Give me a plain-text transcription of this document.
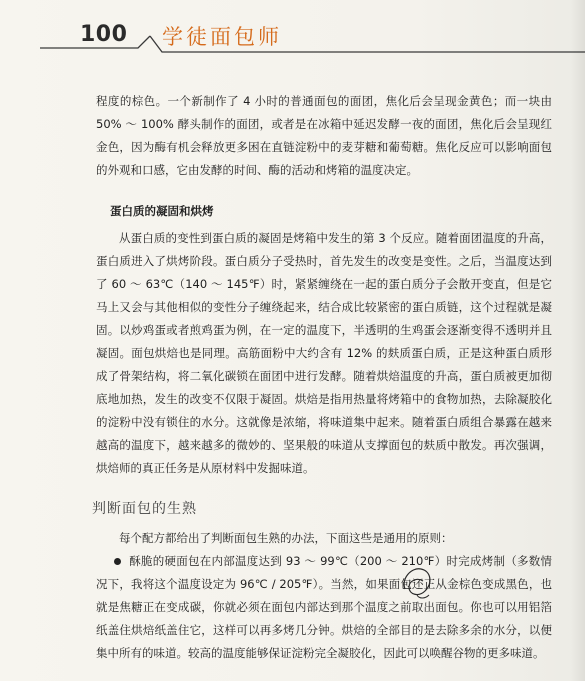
100 学徒面包师

程度的棕色。一个新制作了 4 小时的普通面包的面团，焦化后会呈现金黄色；而一块由 50% ～ 100% 酵头制作的面团，或者是在冰箱中延迟发酵一夜的面团，焦化后会呈现红金色，因为酶有机会释放更多困在直链淀粉中的麦芽糖和葡萄糖。焦化反应可以影响面包的外观和口感，它由发酵的时间、酶的活动和烤箱的温度决定。

蛋白质的凝固和烘烤

从蛋白质的变性到蛋白质的凝固是烤箱中发生的第 3 个反应。随着面团温度的升高，蛋白质进入了烘烤阶段。蛋白质分子受热时，首先发生的改变是变性。之后，当温度达到了 60 ～ 63℃（140 ～ 145℉）时，紧紧缠绕在一起的蛋白质分子会散开变直，但是它马上又会与其他相似的变性分子缠绕起来，结合成比较紧密的蛋白质链，这个过程就是凝固。以炒鸡蛋或者煎鸡蛋为例，在一定的温度下，半透明的生鸡蛋会逐渐变得不透明并且凝固。面包烘焙也是同理。高筋面粉中大约含有 12% 的麸质蛋白质，正是这种蛋白质形成了骨架结构，将二氧化碳锁在面团中进行发酵。随着烘焙温度的升高，蛋白质被更加彻底地加热，发生的改变不仅限于凝固。烘焙是指用热量将烤箱中的食物加热，去除凝胶化的淀粉中没有锁住的水分。这就像是浓缩，将味道集中起来。随着蛋白质组合暴露在越来越高的温度下，越来越多的微妙的、坚果般的味道从支撑面包的麸质中散发。再次强调，烘焙师的真正任务是从原材料中发掘味道。

判断面包的生熟

每个配方都给出了判断面包生熟的办法，下面这些是通用的原则：

酥脆的硬面包在内部温度达到 93 ～ 99℃（200 ～ 210℉）时完成烤制（多数情况下，我将这个温度设定为 96℃ / 205℉）。当然，如果面包还正从金棕色变成黑色，也就是焦糖正在变成碳，你就必须在面包内部达到那个温度之前取出面包。你也可以用铝箔纸盖住烘焙纸盖住它，这样可以再多烤几分钟。烘焙的全部目的是去除多余的水分，以便集中所有的味道。较高的温度能够保证淀粉完全凝胶化，因此可以唤醒谷物的更多味道。
